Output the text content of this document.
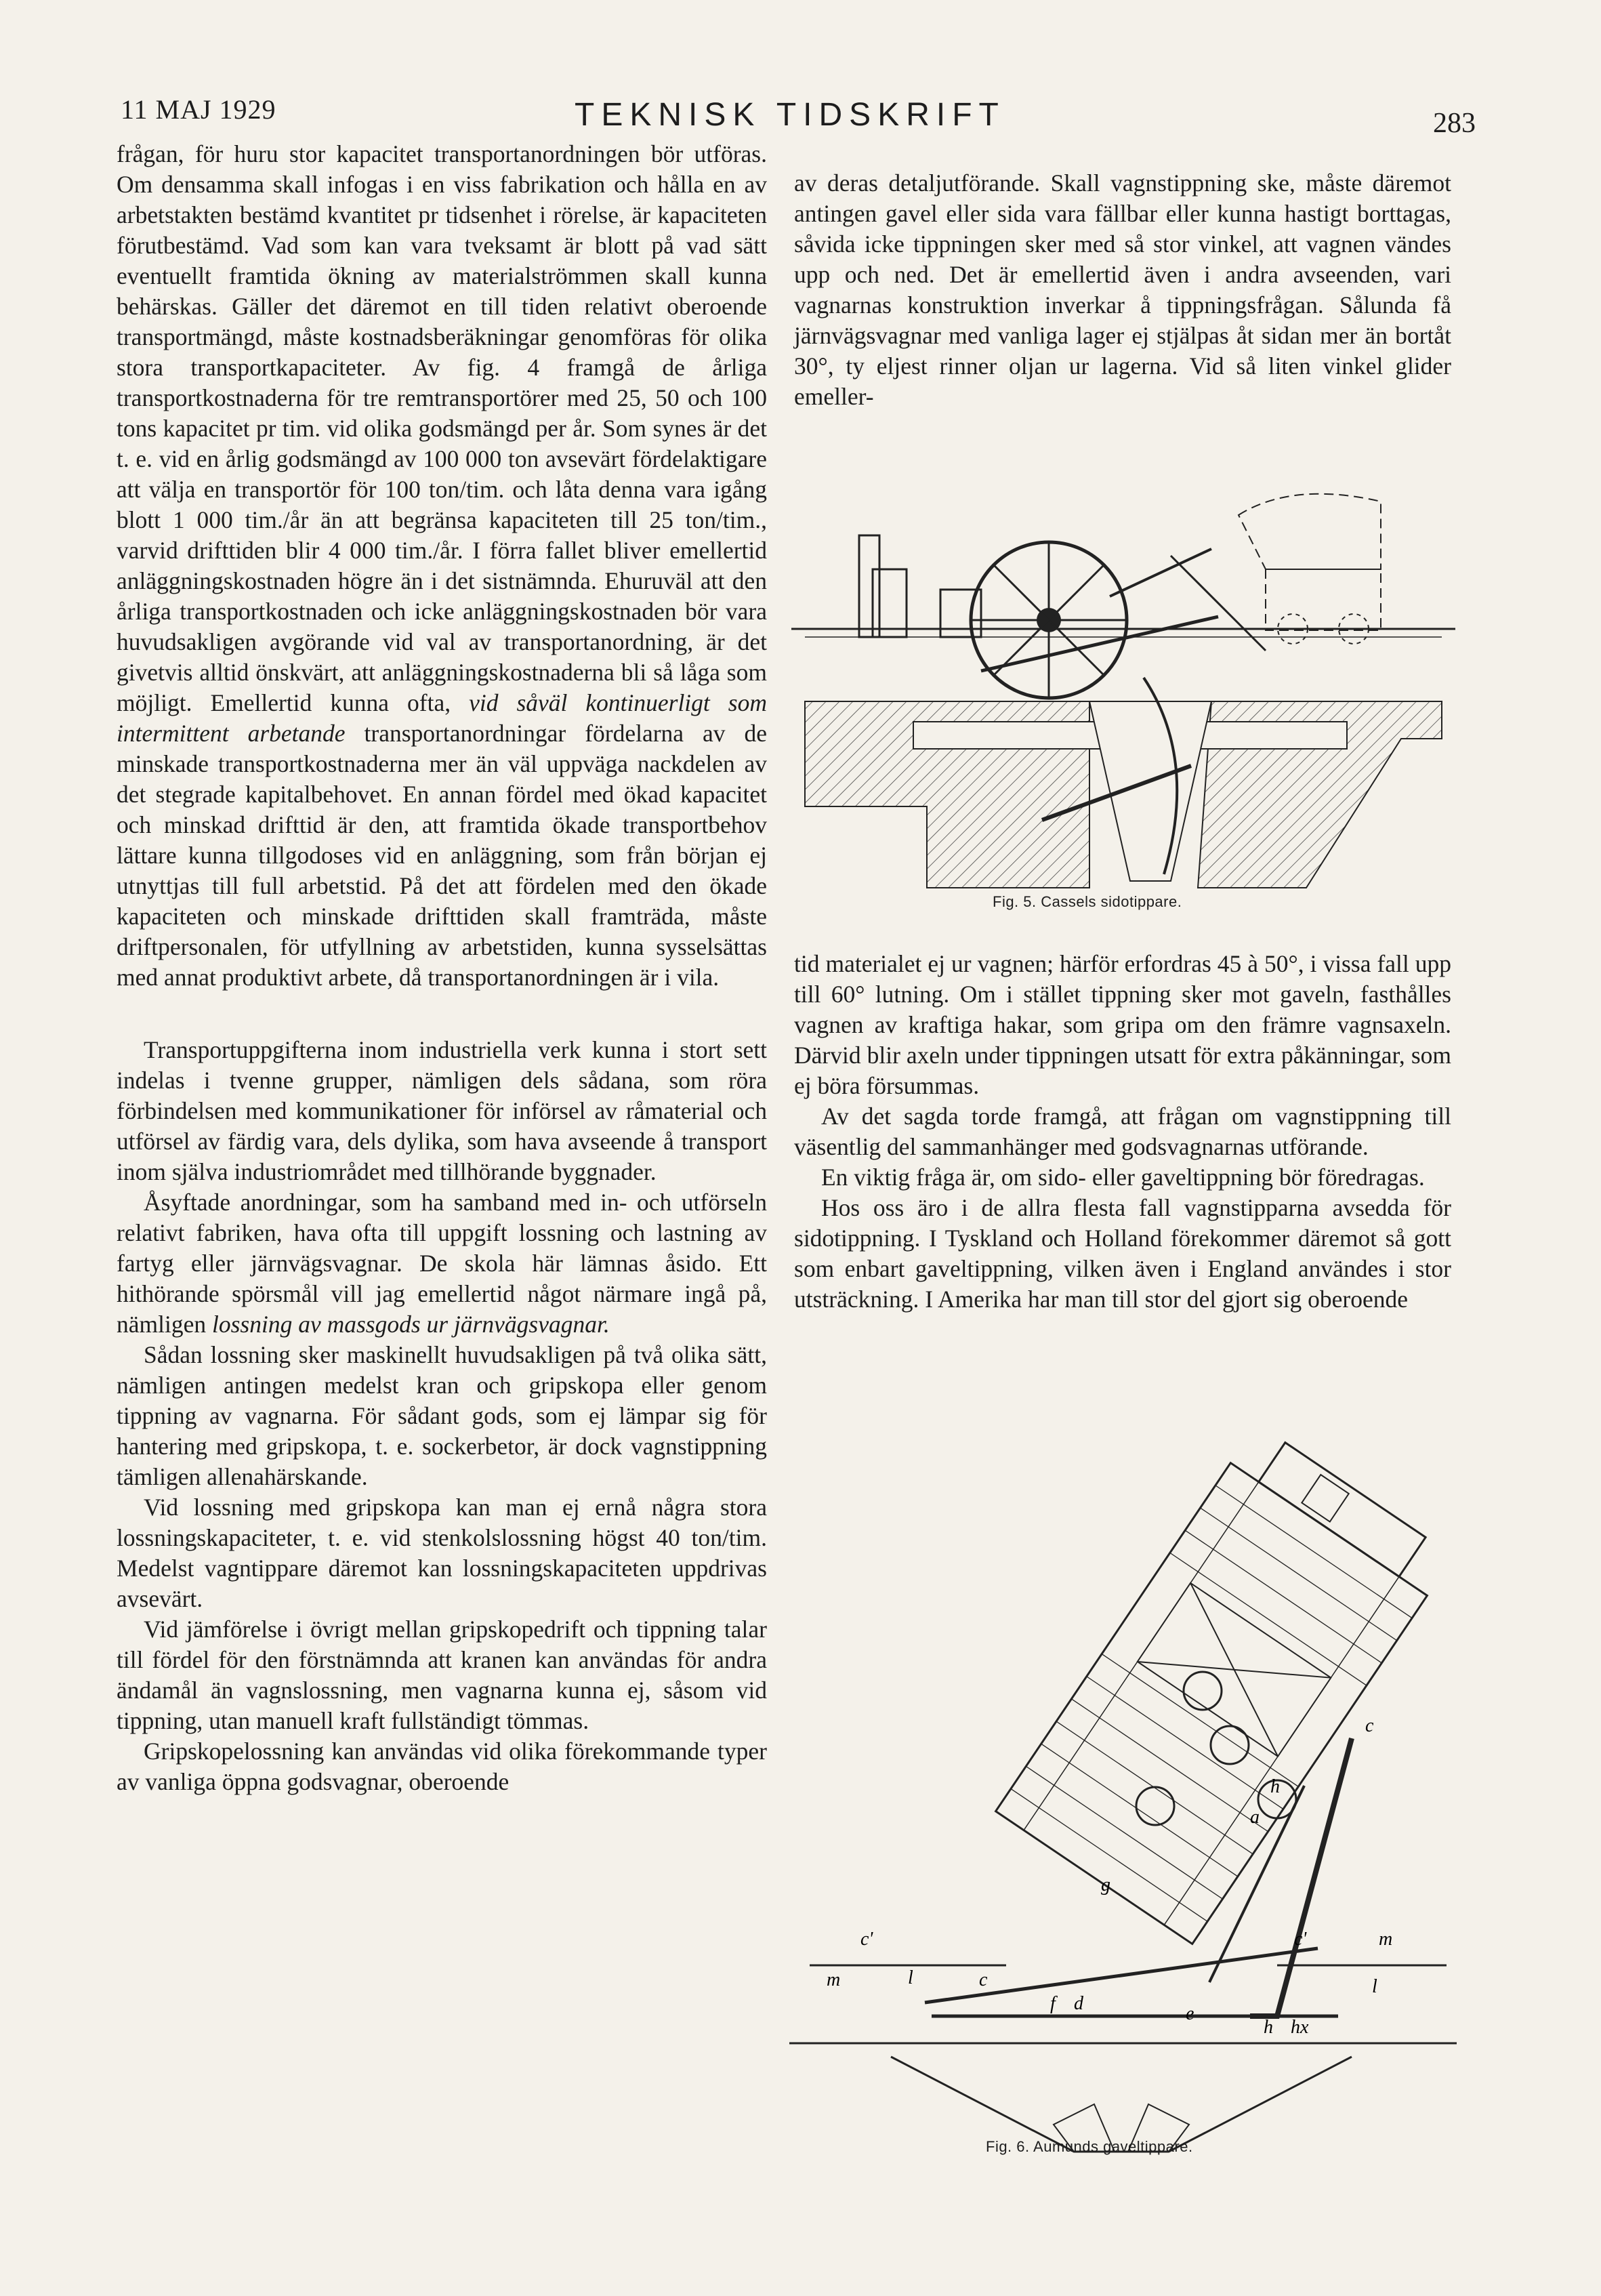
11 MAJ 1929	TEKNISK TIDSKRIFT	283

frågan, för huru stor kapacitet transportanordningen bör utföras. Om densamma skall infogas i en viss fabrikation och hålla en av arbetstakten bestämd kvantitet pr tidsenhet i rörelse, är kapaciteten förutbestämd. Vad som kan vara tveksamt är blott på vad sätt eventuellt framtida ökning av materialströmmen skall kunna behärskas. Gäller det däremot en till tiden relativt oberoende transportmängd, måste kostnadsberäkningar genomföras för olika stora transportkapaciteter. Av fig. 4 framgå de årliga transportkostnaderna för tre remtransportörer med 25, 50 och 100 tons kapacitet pr tim. vid olika godsmängd per år. Som synes är det t. e. vid en årlig godsmängd av 100 000 ton avsevärt fördelaktigare att välja en transportör för 100 ton/tim. och låta denna vara igång blott 1 000 tim./år än att begränsa kapaciteten till 25 ton/tim., varvid drifttiden blir 4 000 tim./år. I förra fallet bliver emellertid anläggningskostnaden högre än i det sistnämnda. Ehuruväl att den årliga transportkostnaden och icke anläggningskostnaden bör vara huvudsakligen avgörande vid val av transportanordning, är det givetvis alltid önskvärt, att anläggningskostnaderna bli så låga som möjligt. Emellertid kunna ofta, vid såväl kontinuerligt som intermittent arbetande transportanordningar fördelarna av de minskade transportkostnaderna mer än väl uppväga nackdelen av det stegrade kapitalbehovet. En annan fördel med ökad kapacitet och minskad drifttid är den, att framtida ökade transportbehov lättare kunna tillgodoses vid en anläggning, som från början ej utnyttjas till full arbetstid. På det att fördelen med den ökade kapaciteten och minskade drifttiden skall framträda, måste driftpersonalen, för utfyllning av arbetstiden, kunna sysselsättas med annat produktivt arbete, då transportanordningen är i vila.

Transportuppgifterna inom industriella verk kunna i stort sett indelas i tvenne grupper, nämligen dels sådana, som röra förbindelsen med kommunikationer för införsel av råmaterial och utförsel av färdig vara, dels dylika, som hava avseende å transport inom själva industriområdet med tillhörande byggnader.

Åsyftade anordningar, som ha samband med in- och utförseln relativt fabriken, hava ofta till uppgift lossning och lastning av fartyg eller järnvägsvagnar. De skola här lämnas åsido. Ett hithörande spörsmål vill jag emellertid något närmare ingå på, nämligen lossning av massgods ur järnvägsvagnar.

Sådan lossning sker maskinellt huvudsakligen på två olika sätt, nämligen antingen medelst kran och gripskopa eller genom tippning av vagnarna. För sådant gods, som ej lämpar sig för hantering med gripskopa, t. e. sockerbetor, är dock vagnstippning tämligen allenahärskande.

Vid lossning med gripskopa kan man ej ernå några stora lossningskapaciteter, t. e. vid stenkolslossning högst 40 ton/tim. Medelst vagntippare däremot kan lossningskapaciteten uppdrivas avsevärt.

Vid jämförelse i övrigt mellan gripskopedrift och tippning talar till fördel för den förstnämnda att kranen kan användas för andra ändamål än vagnslossning, men vagnarna kunna ej, såsom vid tippning, utan manuell kraft fullständigt tömmas.

Gripskopelossning kan användas vid olika förekommande typer av vanliga öppna godsvagnar, oberoende

av deras detaljutförande. Skall vagnstippning ske, måste däremot antingen gavel eller sida vara fällbar eller kunna hastigt borttagas, såvida icke tippningen sker med så stor vinkel, att vagnen vändes upp och ned. Det är emellertid även i andra avseenden, vari vagnarnas konstruktion inverkar å tippningsfrågan. Sålunda få järnvägsvagnar med vanliga lager ej stjälpas åt sidan mer än bortåt 30°, ty eljest rinner oljan ur lagerna. Vid så liten vinkel glider emeller-

Fig. 5. Cassels sidotippare.

tid materialet ej ur vagnen; härför erfordras 45 à 50°, i vissa fall upp till 60° lutning. Om i stället tippning sker mot gaveln, fasthålles vagnen av kraftiga hakar, som gripa om den främre vagnsaxeln. Därvid blir axeln under tippningen utsatt för extra påkänningar, som ej böra försummas.

Av det sagda torde framgå, att frågan om vagnstippning till väsentlig del sammanhänger med godsvagnarnas utförande.

En viktig fråga är, om sido- eller gaveltippning bör föredragas.

Hos oss äro i de allra flesta fall vagnstipparna avsedda för sidotippning. I Tyskland och Holland förekommer däremot så gott som enbart gaveltippning, vilken även i England användes i stor utsträckning. I Amerika har man till stor del gjort sig oberoende

c
h
a
g
c'	c'	m
m	l	c
f d	e
h hx
l
Fig. 6. Aumunds gaveltippare.
